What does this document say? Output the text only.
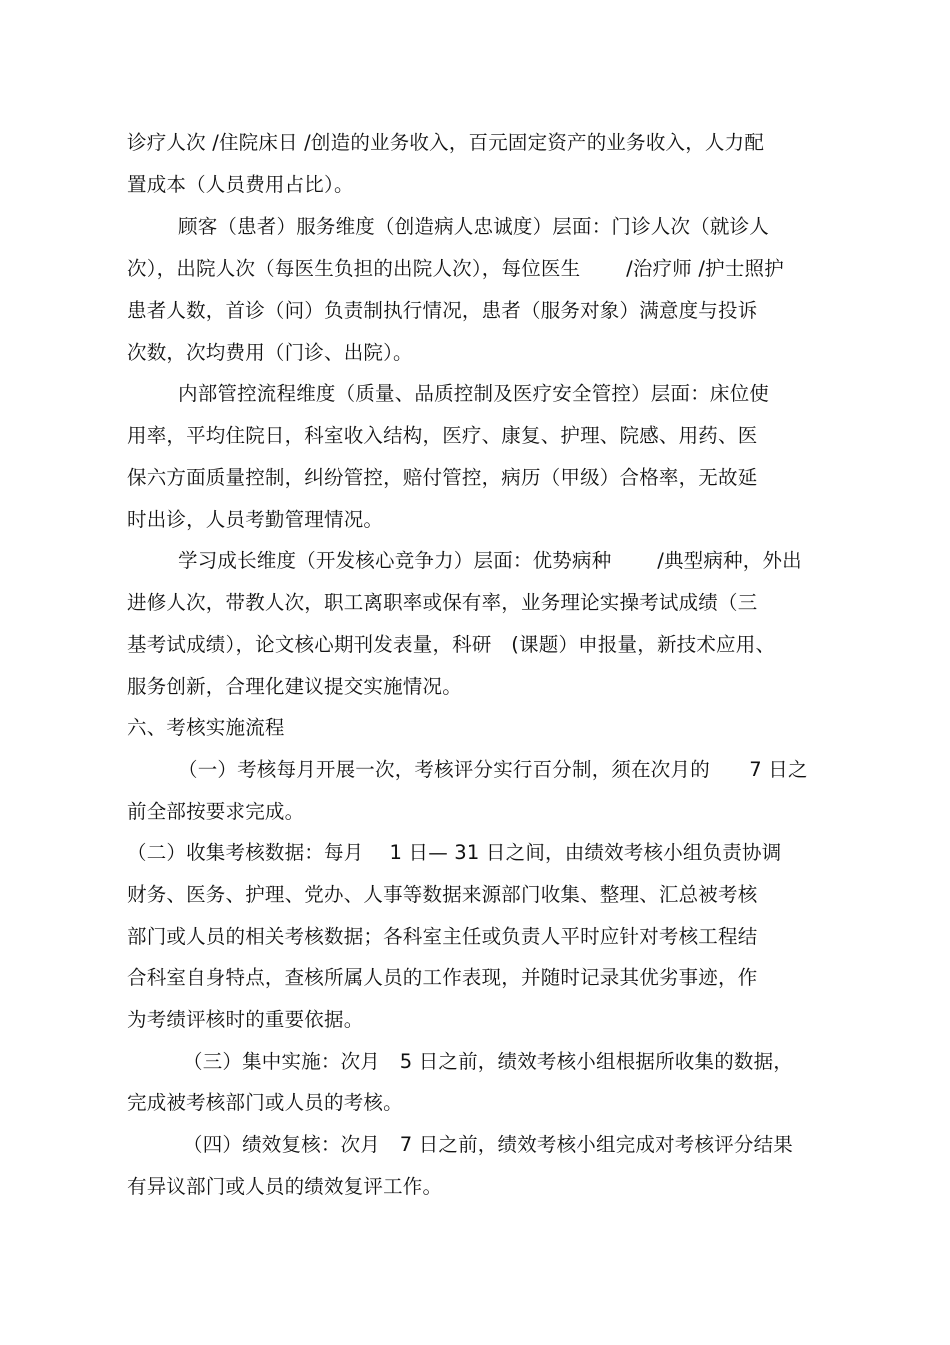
诊疗人次 /住院床日 /创造的业务收入，百元固定资产的业务收入，人力配
置成本（人员费用占比）。
顾客（患者）服务维度（创造病人忠诚度）层面：门诊人次（就诊人
次），出院人次（每医生负担的出院人次），每位医生　　 /治疗师 /护士照护
患者人数，首诊（问）负责制执行情况，患者（服务对象）满意度与投诉
次数，次均费用（门诊、出院）。
内部管控流程维度（质量、品质控制及医疗安全管控）层面：床位使
用率，平均住院日，科室收入结构，医疗、康复、护理、院感、用药、医
保六方面质量控制，纠纷管控，赔付管控，病历（甲级）合格率，无故延
时出诊，人员考勤管理情况。
学习成长维度（开发核心竞争力）层面：优势病种　　 /典型病种，外出
进修人次，带教人次，职工离职率或保有率，业务理论实操考试成绩（三
基考试成绩），论文核心期刊发表量，科研　(课题）申报量，新技术应用、
服务创新，合理化建议提交实施情况。
六、考核实施流程
（一）考核每月开展一次，考核评分实行百分制，须在次月的　　7 日之
前全部按要求完成。
（二）收集考核数据：每月　 1 日— 31 日之间，由绩效考核小组负责协调
财务、医务、护理、党办、人事等数据来源部门收集、整理、汇总被考核
部门或人员的相关考核数据；各科室主任或负责人平时应针对考核工程结
合科室自身特点，查核所属人员的工作表现，并随时记录其优劣事迹，作
为考绩评核时的重要依据。
（三）集中实施：次月　5 日之前，绩效考核小组根据所收集的数据，
完成被考核部门或人员的考核。
（四）绩效复核：次月　7 日之前，绩效考核小组完成对考核评分结果
有异议部门或人员的绩效复评工作。
